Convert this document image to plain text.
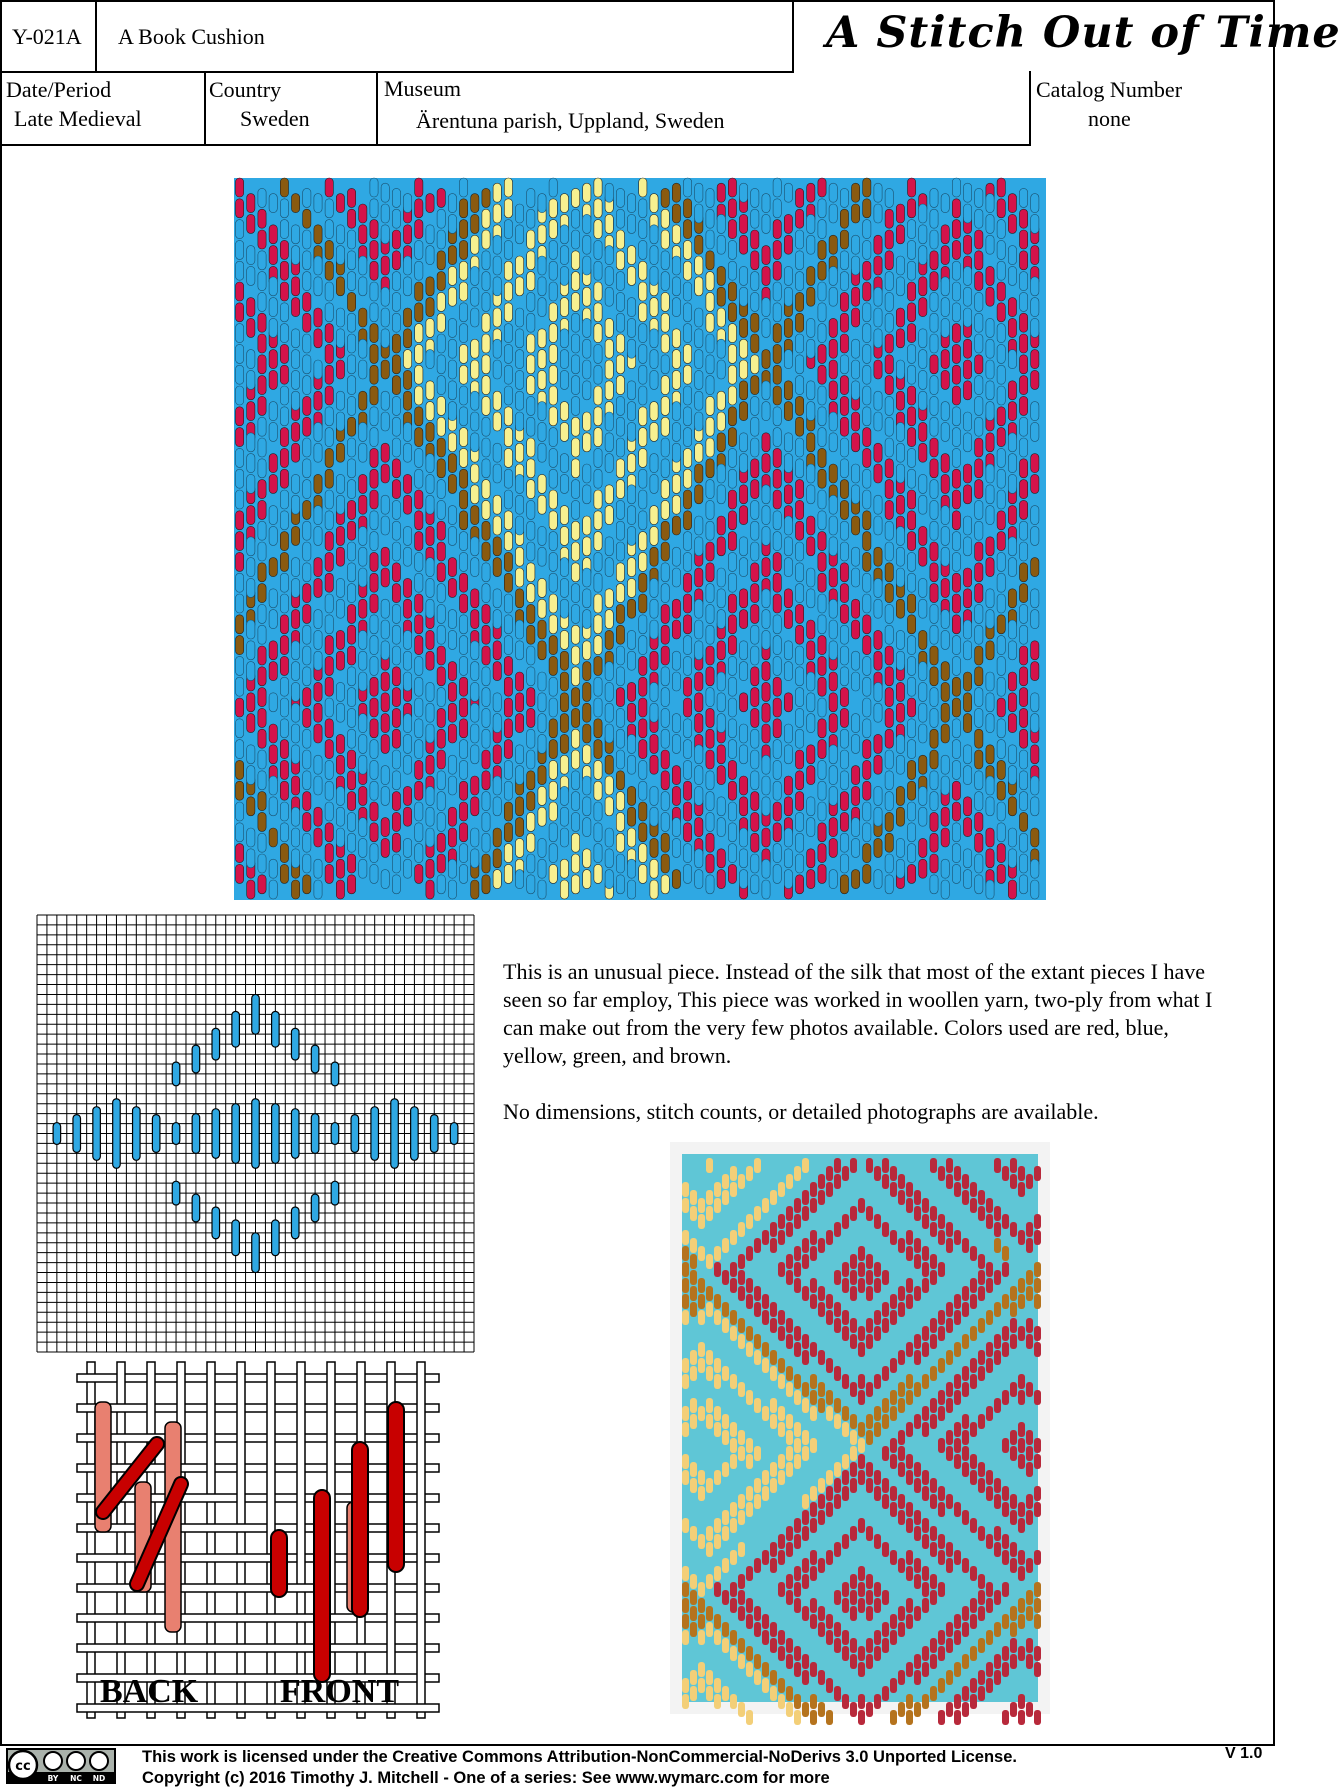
Y-021A A Book Cushion	A Stitch Out of Time
Date/Period
Late Medieval
Country
Sweden
Museum
Ärentuna parish, Uppland, Sweden
Catalog Number
none

This is an unusual piece. Instead of the silk that most of the extant pieces I have seen so far employ, This piece was worked in woollen yarn, two-ply from what I can make out from the very few photos available. Colors used are red, blue, yellow, green, and brown.

No dimensions, stitch counts, or detailed photographs are available.

BACK FRONT
cc
BY NC ND
This work is licensed under the Creative Commons Attribution-NonCommercial-NoDerivs 3.0 Unported License.
Copyright (c) 2016 Timothy J. Mitchell - One of a series: See www.wymarc.com for more
V 1.0
